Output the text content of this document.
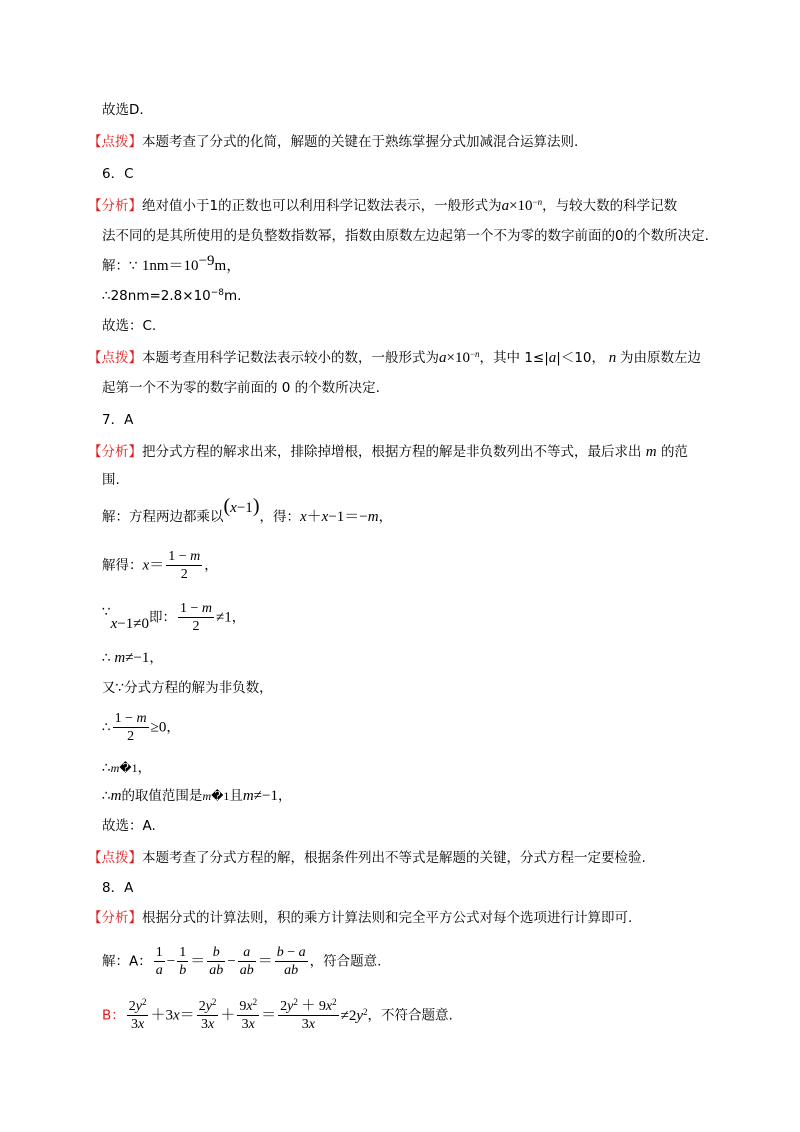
故选D.
【点拨】本题考查了分式的化简，解题的关键在于熟练掌握分式加减混合运算法则.
6．C
【分析】绝对值小于1的正数也可以利用科学记数法表示，一般形式为$a\times 10^{-n}$，与较大数的科学记数
法不同的是其所使用的是负整数指数幂，指数由原数左边起第一个不为零的数字前面的0的个数所决定.
解：∵ $1nm=10^{-9}m$，
$\therefore 28nm=2.8\times 10^{-8}m$.
故选：C.
【点拨】本题考查用科学记数法表示较小的数，一般形式为$a\times 10^{-n}$，其中 1≤|a|＜10， n 为由原数左边
起第一个不为零的数字前面的 0 的个数所决定.
7．A
【分析】把分式方程的解求出来，排除掉增根，根据方程的解是非负数列出不等式，最后求出 m 的范
围.
解：方程两边都乘以(x−1)，得：x＋x−1＝−m，
解得：$x= \frac{1 - m}{2}$ ，
∵x−1≠0即： $\frac{1 - m}{2} \ne 1$，
∴ m≠−1，
又∵分式方程的解为非负数，
∴ $\frac{1 - m}{2} \ge 0$，
∴m�1，
∴m的取值范围是m�1且m≠−1，
故选：A.
【点拨】本题考查了分式方程的解，根据条件列出不等式是解题的关键，分式方程一定要检验.
8．A
【分析】根据分式的计算法则，积的乘方计算法则和完全平方公式对每个选项进行计算即可.
解：A： $\frac{1}{a} - \frac{1}{b} = \frac{b}{ab} - \frac{a}{ab} = \frac{b - a}{ab}$ ，符合题意.
B： $\frac{2y^2}{3x} +3x= \frac{2y^2}{3x} + \frac{9x^2}{3x} = \frac{2y^2 + 9x^2}{3x} \ne 2y^2$，不符合题意.
